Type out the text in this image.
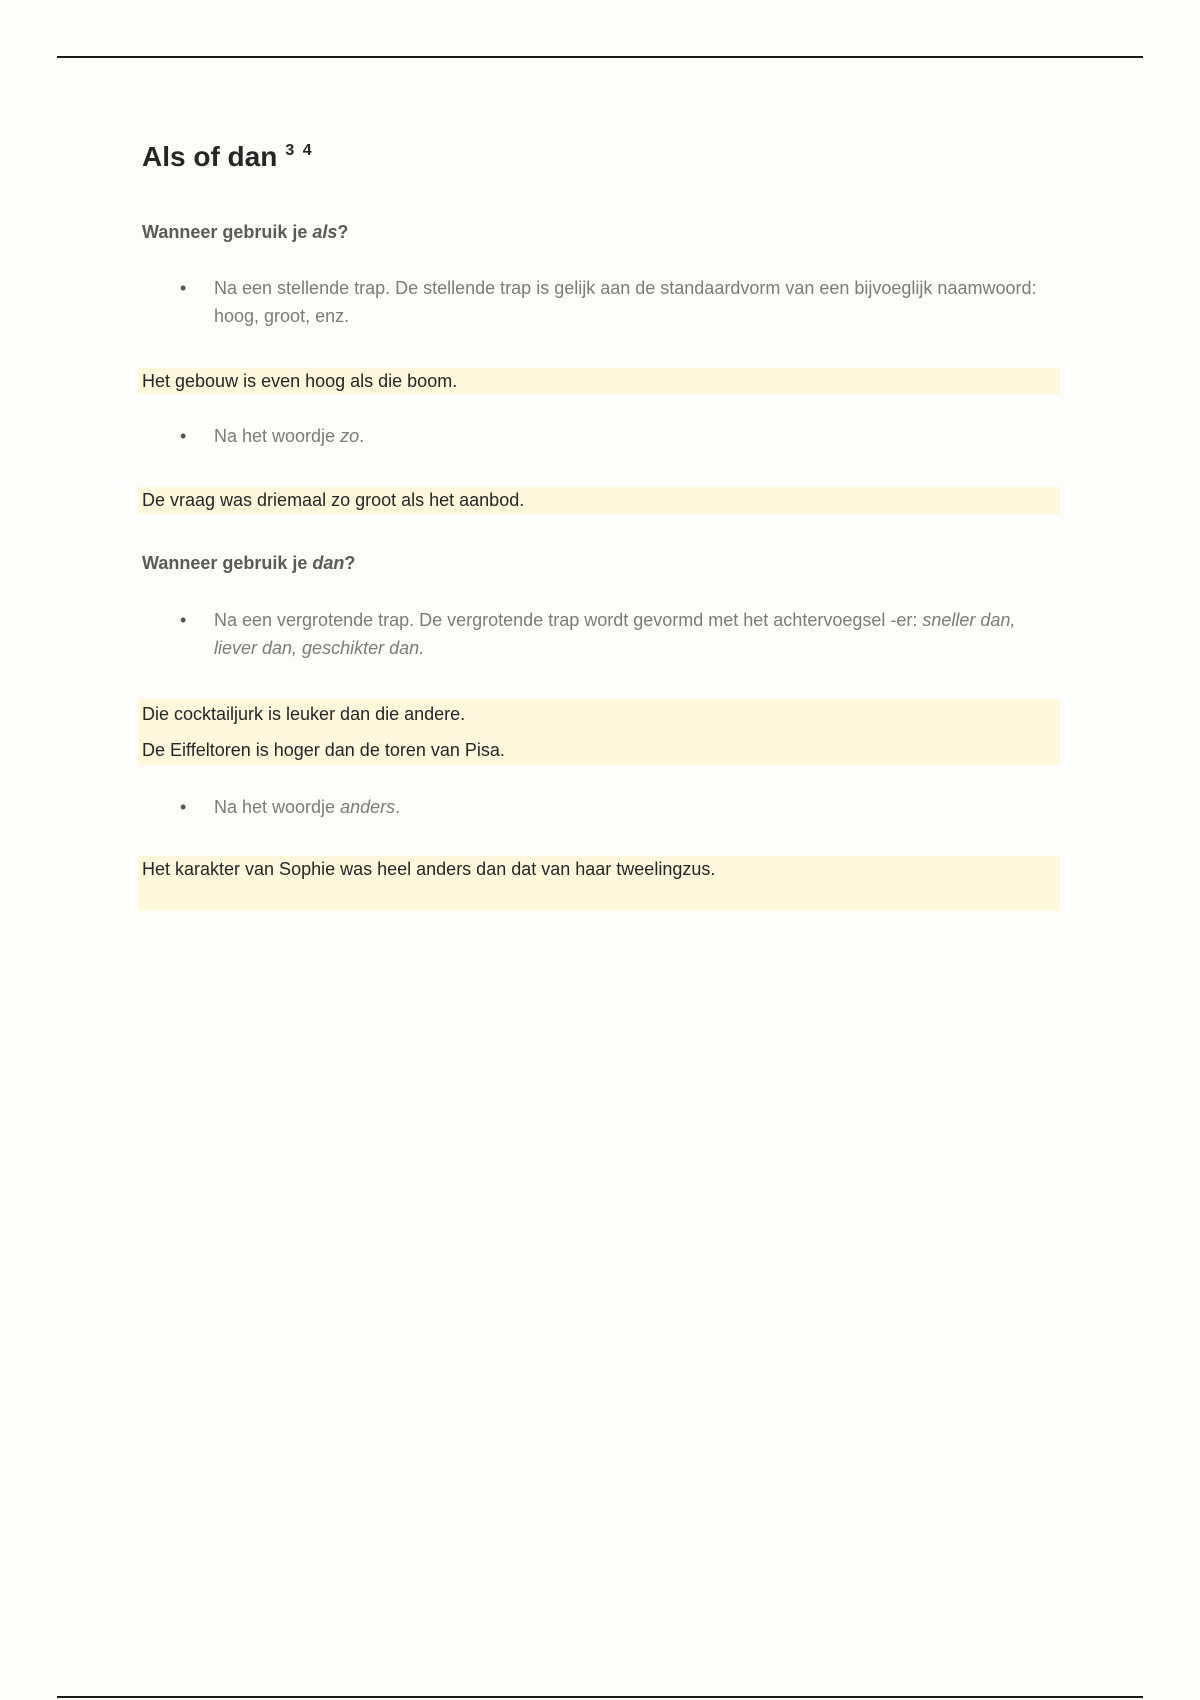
Als of dan $^{3 4}$
Wanneer gebruik je als?
• Na een stellende trap. De stellende trap is gelijk aan de standaardvorm van een bijvoeglijk naamwoord: hoog, groot, enz.
Het gebouw is even hoog als die boom.
• Na het woordje zo.
De vraag was driemaal zo groot als het aanbod.
Wanneer gebruik je dan?
• Na een vergrotende trap. De vergrotende trap wordt gevormd met het achtervoegsel -er: sneller dan, liever dan, geschikter dan.
Die cocktailjurk is leuker dan die andere.
De Eiffeltoren is hoger dan de toren van Pisa.
• Na het woordje anders.
Het karakter van Sophie was heel anders dan dat van haar tweelingzus.
